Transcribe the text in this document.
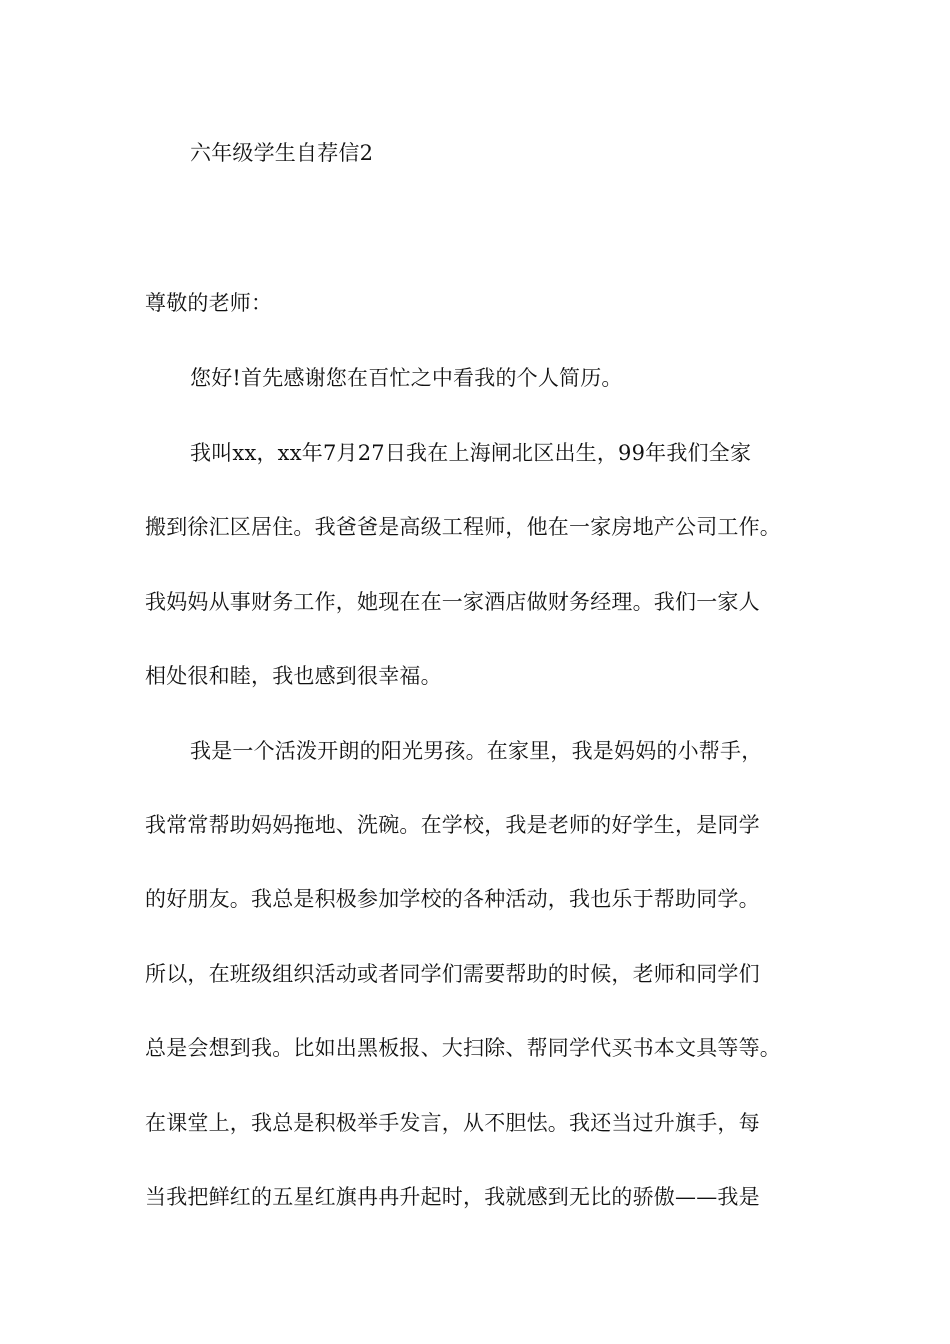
六年级学生自荐信2
尊敬的老师：
您好!首先感谢您在百忙之中看我的个人简历。
我叫xx，xx年7月27日我在上海闸北区出生，99年我们全家
搬到徐汇区居住。我爸爸是高级工程师，他在一家房地产公司工作。
我妈妈从事财务工作，她现在在一家酒店做财务经理。我们一家人
相处很和睦，我也感到很幸福。
我是一个活泼开朗的阳光男孩。在家里，我是妈妈的小帮手，
我常常帮助妈妈拖地、洗碗。在学校，我是老师的好学生，是同学
的好朋友。我总是积极参加学校的各种活动，我也乐于帮助同学。
所以，在班级组织活动或者同学们需要帮助的时候，老师和同学们
总是会想到我。比如出黑板报、大扫除、帮同学代买书本文具等等。
在课堂上，我总是积极举手发言，从不胆怯。我还当过升旗手，每
当我把鲜红的五星红旗冉冉升起时，我就感到无比的骄傲——我是
